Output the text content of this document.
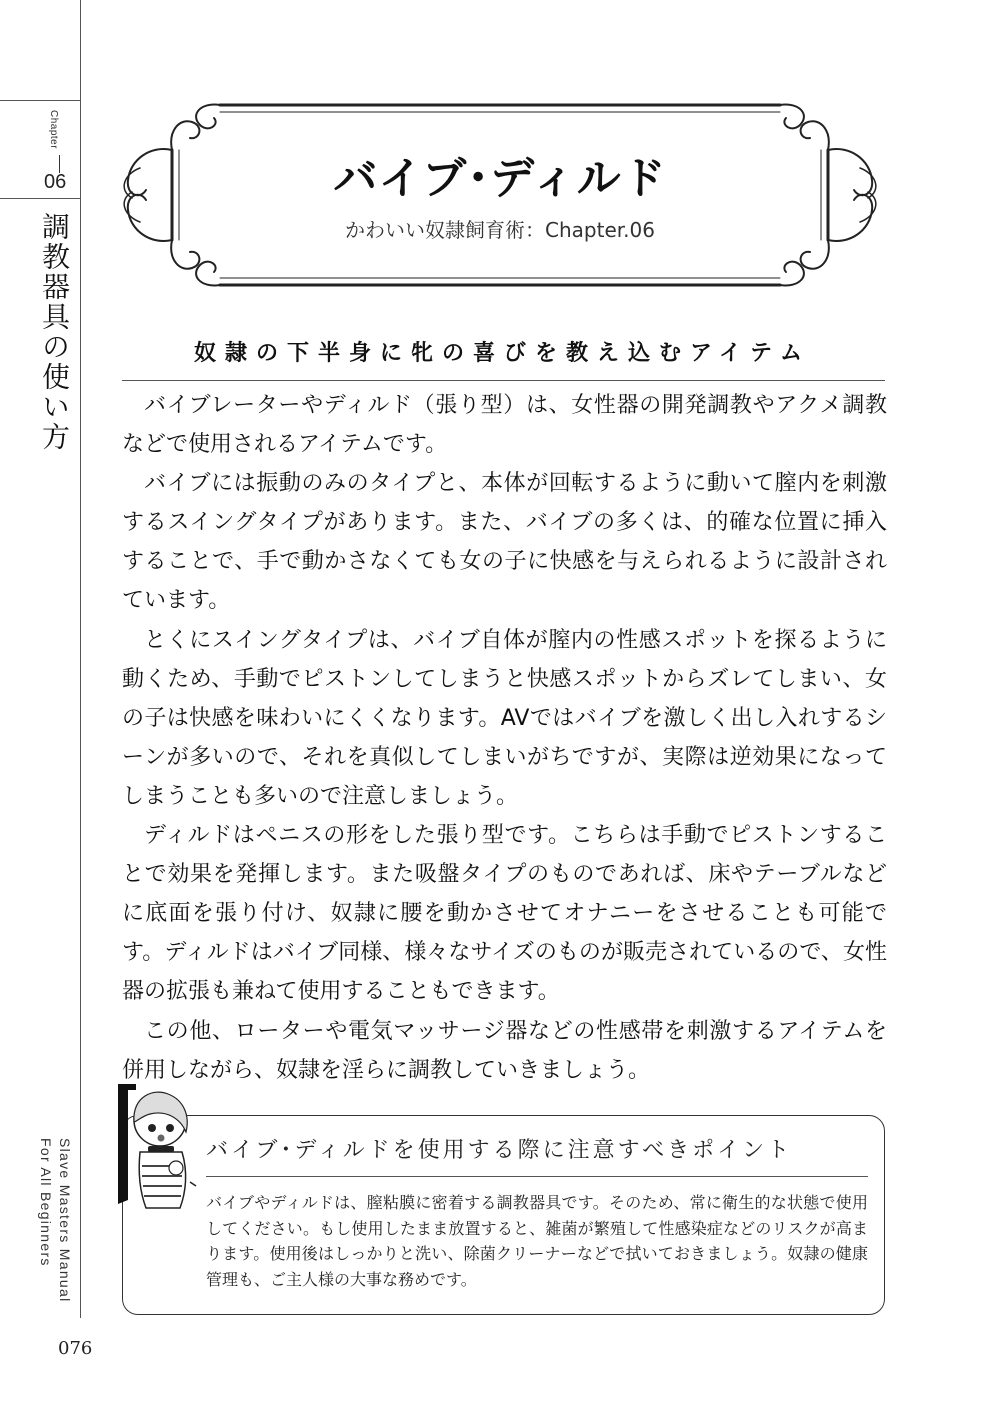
Chapter
06
調教器具の使い方
Slave Masters Manual
For All Beginners
076
バイブ･ディルド
かわいい奴隷飼育術：Chapter.06
奴隷の下半身に牝の喜びを教え込むアイテム

バイブレーターやディルド（張り型）は、女性器の開発調教やアクメ調教などで使用されるアイテムです。

バイブには振動のみのタイプと、本体が回転するように動いて膣内を刺激するスイングタイプがあります。また、バイブの多くは、的確な位置に挿入することで、手で動かさなくても女の子に快感を与えられるように設計されています。

とくにスイングタイプは、バイブ自体が膣内の性感スポットを探るように動くため、手動でピストンしてしまうと快感スポットからズレてしまい、女の子は快感を味わいにくくなります。AVではバイブを激しく出し入れするシーンが多いので、それを真似してしまいがちですが、実際は逆効果になってしまうことも多いので注意しましょう。

ディルドはペニスの形をした張り型です。こちらは手動でピストンすることで効果を発揮します。また吸盤タイプのものであれば、床やテーブルなどに底面を張り付け、奴隷に腰を動かさせてオナニーをさせることも可能です。ディルドはバイブ同様、様々なサイズのものが販売されているので、女性器の拡張も兼ねて使用することもできます。

この他、ローターや電気マッサージ器などの性感帯を刺激するアイテムを併用しながら、奴隷を淫らに調教していきましょう。

バイブ･ディルドを使用する際に注意すべきポイント
バイブやディルドは、膣粘膜に密着する調教器具です。そのため、常に衛生的な状態で使用してください。もし使用したまま放置すると、雑菌が繁殖して性感染症などのリスクが高まります。使用後はしっかりと洗い、除菌クリーナーなどで拭いておきましょう。奴隷の健康管理も、ご主人様の大事な務めです。
